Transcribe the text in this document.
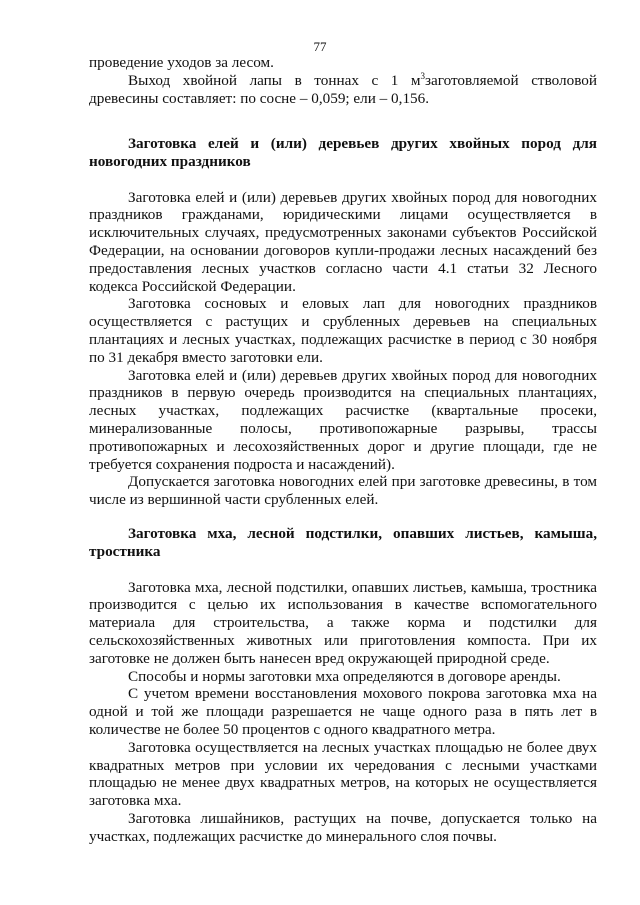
77

проведение уходов за лесом.

Выход хвойной лапы в тоннах с 1 $м^3заготовляемой$ стволовой древесины составляет: по сосне – 0,059; ели – 0,156.

Заготовка елей и (или) деревьев других хвойных пород для новогодних праздников

Заготовка елей и (или) деревьев других хвойных пород для новогодних праздников гражданами, юридическими лицами осуществляется в исключительных случаях, предусмотренных законами субъектов Российской Федерации, на основании договоров купли-продажи лесных насаждений без предоставления лесных участков согласно части 4.1 статьи 32 Лесного кодекса Российской Федерации.

Заготовка сосновых и еловых лап для новогодних праздников осуществляется с растущих и срубленных деревьев на специальных плантациях и лесных участках, подлежащих расчистке в период с 30 ноября по 31 декабря вместо заготовки ели.

Заготовка елей и (или) деревьев других хвойных пород для новогодних праздников в первую очередь производится на специальных плантациях, лесных участках, подлежащих расчистке (квартальные просеки, минерализованные полосы, противопожарные разрывы, трассы противопожарных и лесохозяйственных дорог и другие площади, где не требуется сохранения подроста и насаждений).

Допускается заготовка новогодних елей при заготовке древесины, в том числе из вершинной части срубленных елей.

Заготовка мха, лесной подстилки, опавших листьев, камыша, тростника

Заготовка мха, лесной подстилки, опавших листьев, камыша, тростника производится с целью их использования в качестве вспомогательного материала для строительства, а также корма и подстилки для сельскохозяйственных животных или приготовления компоста. При их заготовке не должен быть нанесен вред окружающей природной среде.

Способы и нормы заготовки мха определяются в договоре аренды.

С учетом времени восстановления мохового покрова заготовка мха на одной и той же площади разрешается не чаще одного раза в пять лет в количестве не более 50 процентов с одного квадратного метра.

Заготовка осуществляется на лесных участках площадью не более двух квадратных метров при условии их чередования с лесными участками площадью не менее двух квадратных метров, на которых не осуществляется заготовка мха.

Заготовка лишайников, растущих на почве, допускается только на участках, подлежащих расчистке до минерального слоя почвы.
